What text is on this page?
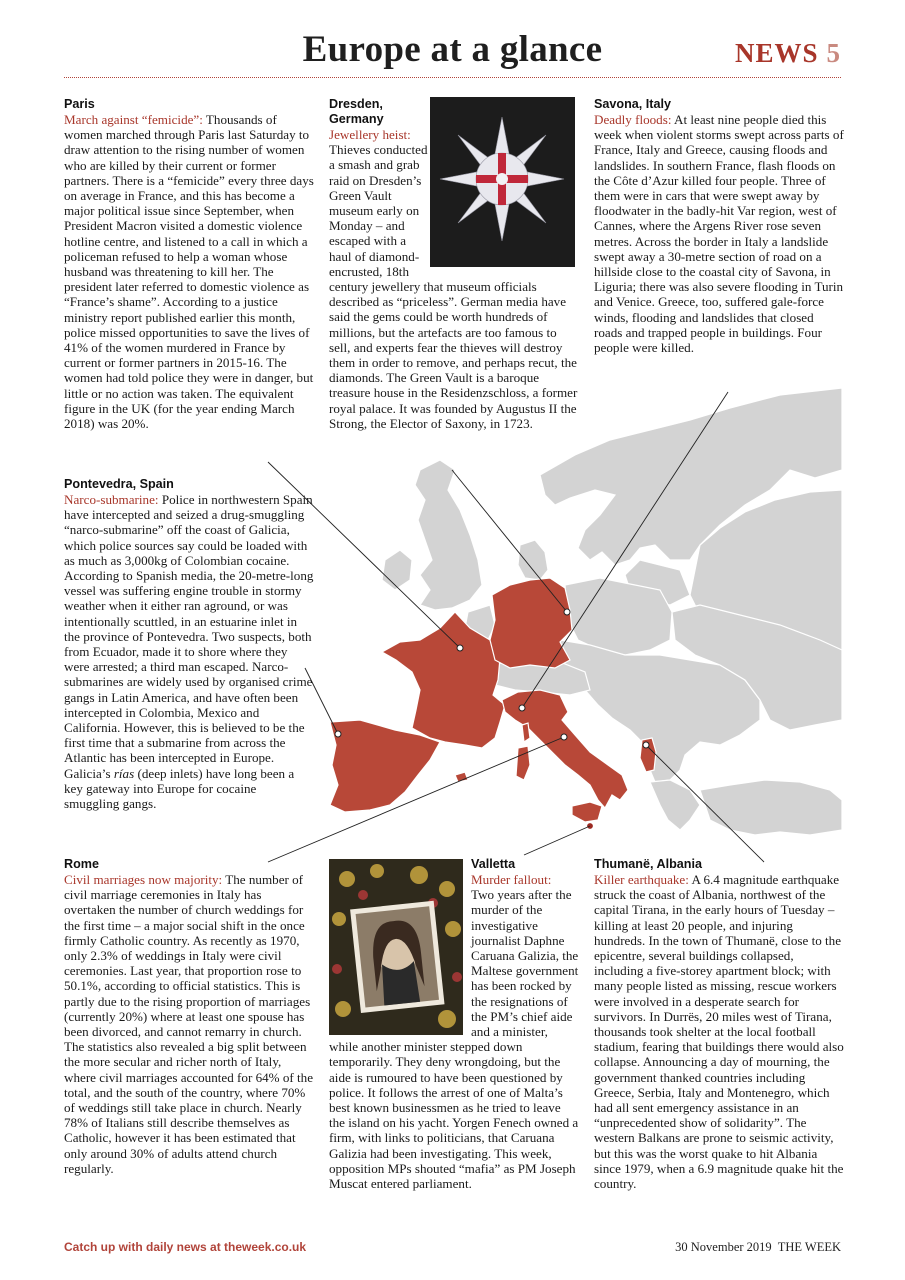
Europe at a glance	NEWS 5
Paris
March against “femicide”: Thousands of women marched through Paris last Saturday to draw attention to the rising number of women who are killed by their current or former partners. There is a “femicide” every three days on average in France, and this has become a major political issue since September, when President Macron visited a domestic violence hotline centre, and listened to a call in which a policeman refused to help a woman whose husband was threatening to kill her. The president later referred to domestic violence as “France’s shame”. According to a justice ministry report published earlier this month, police missed opportunities to save the lives of 41% of the women murdered in France by current or former partners in 2015-16. The women had told police they were in danger, but little or no action was taken. The equivalent figure in the UK (for the year ending March 2018) was 20%.
Dresden, Germany
Jewellery heist:
Thieves conducted a smash and grab raid on Dresden’s Green Vault museum early on Monday – and escaped with a haul of diamond-encrusted, 18th century jewellery that museum officials described as “priceless”. German media have said the gems could be worth hundreds of millions, but the artefacts are too famous to sell, and experts fear the thieves will destroy them in order to remove, and perhaps recut, the diamonds. The Green Vault is a baroque treasure house in the Residenzschloss, a former royal palace. It was founded by Augustus II the Strong, the Elector of Saxony, in 1723.
Savona, Italy
Deadly floods: At least nine people died this week when violent storms swept across parts of France, Italy and Greece, causing floods and landslides. In southern France, flash floods on the Côte d’Azur killed four people. Three of them were in cars that were swept away by floodwater in the badly-hit Var region, west of Cannes, where the Argens River rose seven metres. Across the border in Italy a landslide swept away a 30-metre section of road on a hillside close to the coastal city of Savona, in Liguria; there was also severe flooding in Turin and Venice. Greece, too, suffered gale-force winds, flooding and landslides that closed roads and trapped people in buildings. Four people were killed.
Pontevedra, Spain
Narco-submarine: Police in northwestern Spain have intercepted and seized a drug-smuggling “narco-submarine” off the coast of Galicia, which police sources say could be loaded with as much as 3,000kg of Colombian cocaine. According to Spanish media, the 20-metre-long vessel was suffering engine trouble in stormy weather when it either ran aground, or was intentionally scuttled, in an estuarine inlet in the province of Pontevedra. Two suspects, both from Ecuador, made it to shore where they were arrested; a third man escaped. Narco-submarines are widely used by organised crime gangs in Latin America, and have often been intercepted in Colombia, Mexico and California. However, this is believed to be the first time that a submarine from across the Atlantic has been intercepted in Europe. Galicia’s rías (deep inlets) have long been a key gateway into Europe for cocaine smuggling gangs.
Rome
Civil marriages now majority: The number of civil marriage ceremonies in Italy has overtaken the number of church weddings for the first time – a major social shift in the once firmly Catholic country. As recently as 1970, only 2.3% of weddings in Italy were civil ceremonies. Last year, that proportion rose to 50.1%, according to official statistics. This is partly due to the rising proportion of marriages (currently 20%) where at least one spouse has been divorced, and cannot remarry in church. The statistics also revealed a big split between the more secular and richer north of Italy, where civil marriages accounted for 64% of the total, and the south of the country, where 70% of weddings still take place in church. Nearly 78% of Italians still describe themselves as Catholic, however it has been estimated that only around 30% of adults attend church regularly.
Valletta
Murder fallout:
Two years after the murder of the investigative journalist Daphne Caruana Galizia, the Maltese government has been rocked by the resignations of the PM’s chief aide and a minister, while another minister stepped down temporarily. They deny wrongdoing, but the aide is rumoured to have been questioned by police. It follows the arrest of one of Malta’s best known businessmen as he tried to leave the island on his yacht. Yorgen Fenech owned a firm, with links to politicians, that Caruana Galizia had been investigating. This week, opposition MPs shouted “mafia” as PM Joseph Muscat entered parliament.
Thumanë, Albania
Killer earthquake: A 6.4 magnitude earthquake struck the coast of Albania, northwest of the capital Tirana, in the early hours of Tuesday – killing at least 20 people, and injuring hundreds. In the town of Thumanë, close to the epicentre, several buildings collapsed, including a five-storey apartment block; with many people listed as missing, rescue workers were involved in a desperate search for survivors. In Durrës, 20 miles west of Tirana, thousands took shelter at the local football stadium, fearing that buildings there would also collapse. Announcing a day of mourning, the government thanked countries including Greece, Serbia, Italy and Montenegro, which had all sent emergency assistance in an “unprecedented show of solidarity”. The western Balkans are prone to seismic activity, but this was the worst quake to hit Albania since 1979, when a 6.9 magnitude quake hit the country.
Catch up with daily news at theweek.co.uk	30 November 2019 THE WEEK
